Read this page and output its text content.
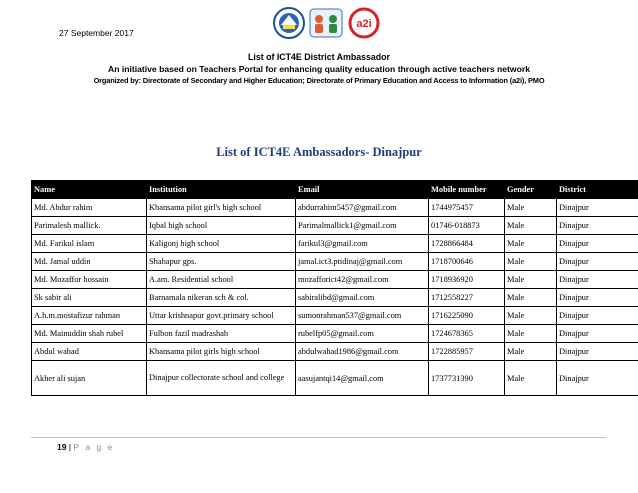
27 September 2017
a2i
List of ICT4E District Ambassador
An initiative based on Teachers Portal for enhancing quality education through active teachers network
Organized by: Directorate of Secondary and Higher Education; Directorate of Primary Education and Access to Information (a2i), PMO
List of ICT4E Ambassadors- Dinajpur
Name	Institution	Email	Mobile number	Gender	District
Md. Abdur rahim	Khansama pilot girl's high school	abdurrahim5457@gmail.com	1744975457	Male	Dinajpur
Parimalesh mallick.	Iqbal high school	Parimalmallick1@gmail.com	01746-018873	Male	Dinajpur
Md. Farikul islam	Kaligonj high school	farikul3@gmail.com	1728866484	Male	Dinajpur
Md. Jamal uddin	Shahapur gps.	jamal.ict3.ptidinaj@gmail.com	1718700646	Male	Dinajpur
Md. Mozaffor hossain	A.am. Residential school	mozafforict42@gmail.com	1718936920	Male	Dinajpur
Sk sabir ali	Barnamala nikeran sch & col.	sabiralibd@gmail.com	1712558227	Male	Dinajpur
A.h.m.mostafizur rahman	Uttar krishnapur govt.primary school	sumonrahman537@gmail.com	1716225090	Male	Dinajpur
Md. Mainuddin shah rubel	Fulbon fazil madrashah	rubelfp05@gmail.com	1724678365	Male	Dinajpur
Abdul wahad	Khansama pilot girls high school	abdulwahad1986@gmail.com	1722885957	Male	Dinajpur
Akher ali sujan	Dinajpur collectorate school and college	aasujantqi14@gmail.com	1737731390	Male	Dinajpur
19 | P a g e
